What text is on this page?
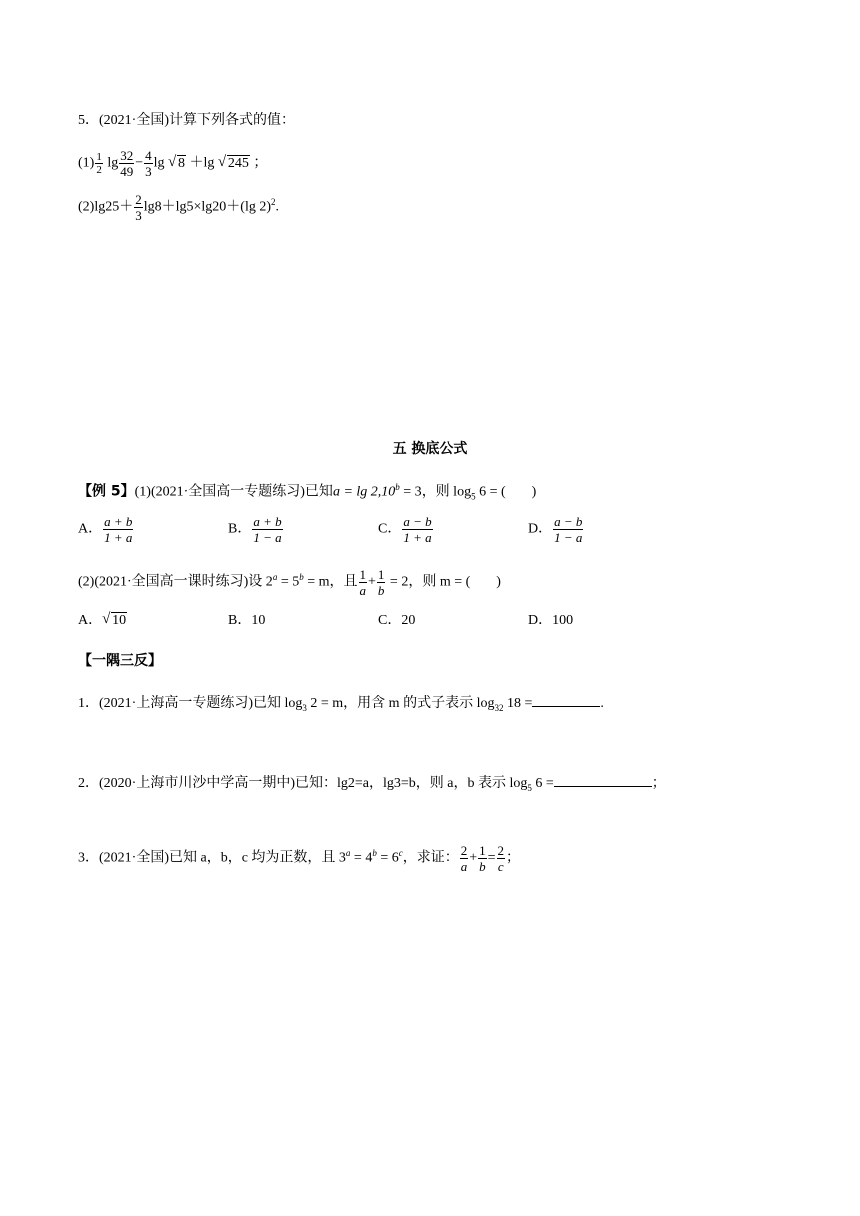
5．(2021·全国)计算下列各式的值：
$(1) \frac{1}{2}$ $\lg \frac{32}{49} - \frac{4}{3}$ lg √ 8 ＋lg √ 245 ；
$(2)\lg 25+ \frac{2}{3} \lg 8+\lg 5\times\lg 20+(\lg$ 2)$^2$.
五 换底公式
【例 5】(1)(2021·全国高一专题练习)已知a = lg 2,10$^b$ = 3，则 $\log_5 6$ = ( )
A． $\frac{a + b}{1 + a}$	B． $\frac{a + b}{1 - a}$	C． $\frac{a - b}{1 + a}$	D． $\frac{a - b}{1 - a}$
(2)(2021·全国高一课时练习)设 $2^a = 5^b = m$，且 $\frac{1}{a} + \frac{1}{b} = 2$，则 m = ( )
A． √ 10	B．10	C．20	D．100
【一隅三反】
1．(2021·上海高一专题练习)已知 $\log_3 2 = m$，用含 m 的式子表示 $\log_{32} 18$ =	.
2．(2020·上海市川沙中学高一期中)已知：lg2=a，lg3=b，则 a，b 表示 $\log_5 6$ =	；
3．(2021·全国)已知 a，b，c 均为正数，且 $3^a = 4^b = 6^c$，求证： $\frac{2}{a} + \frac{1}{b} = \frac{2}{c}$ ；
